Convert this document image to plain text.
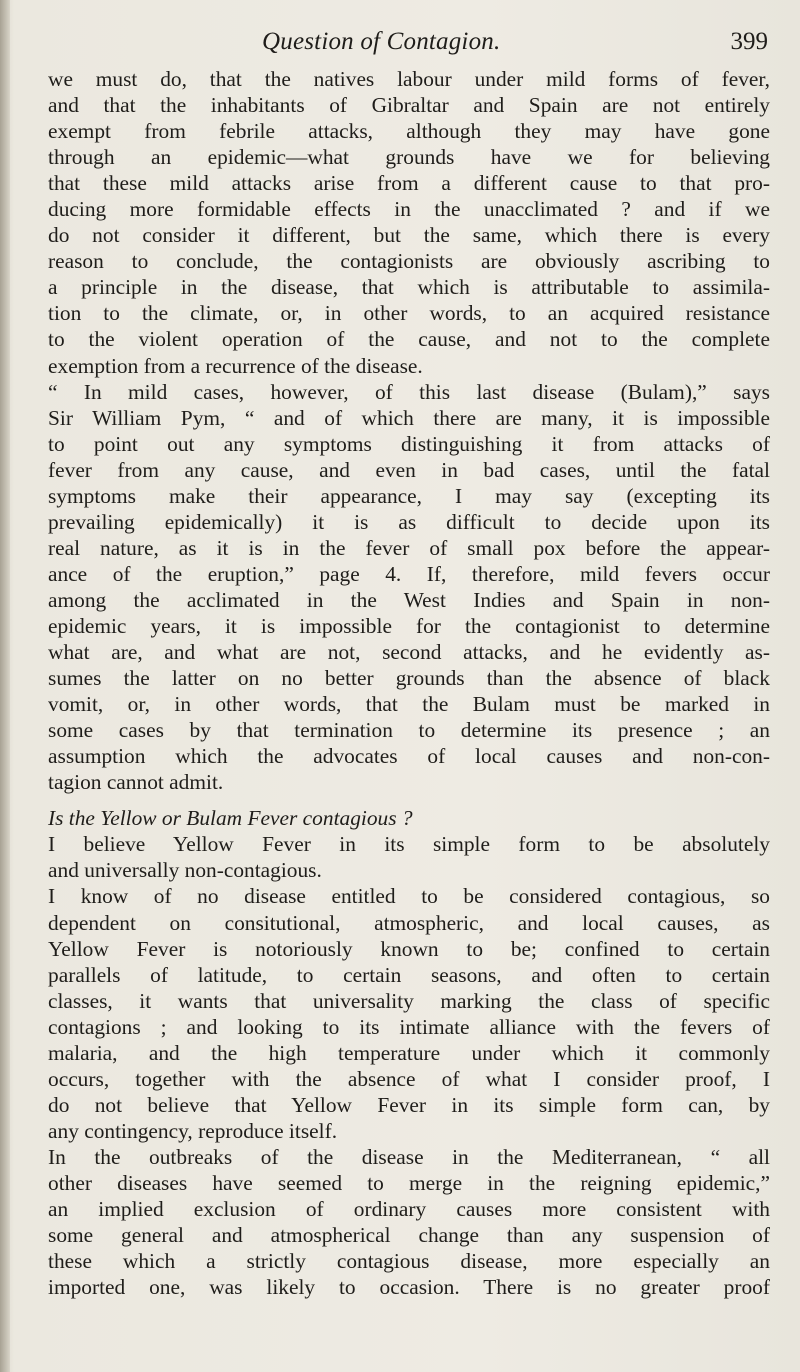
Question of Contagion.	399
we must do, that the natives labour under mild forms of fever,
and that the inhabitants of Gibraltar and Spain are not entirely
exempt from febrile attacks, although they may have gone
through an epidemic—what grounds have we for believing
that these mild attacks arise from a different cause to that pro-
ducing more formidable effects in the unacclimated ? and if we
do not consider it different, but the same, which there is every
reason to conclude, the contagionists are obviously ascribing to
a principle in the disease, that which is attributable to assimila-
tion to the climate, or, in other words, to an acquired resistance
to the violent operation of the cause, and not to the complete
exemption from a recurrence of the disease.
“ In mild cases, however, of this last disease (Bulam),” says
Sir William Pym, “ and of which there are many, it is impossible
to point out any symptoms distinguishing it from attacks of
fever from any cause, and even in bad cases, until the fatal
symptoms make their appearance, I may say (excepting its
prevailing epidemically) it is as difficult to decide upon its
real nature, as it is in the fever of small pox before the appear-
ance of the eruption,” page 4. If, therefore, mild fevers occur
among the acclimated in the West Indies and Spain in non-
epidemic years, it is impossible for the contagionist to determine
what are, and what are not, second attacks, and he evidently as-
sumes the latter on no better grounds than the absence of black
vomit, or, in other words, that the Bulam must be marked in
some cases by that termination to determine its presence ; an
assumption which the advocates of local causes and non-con-
tagion cannot admit.
Is the Yellow or Bulam Fever contagious ?
I believe Yellow Fever in its simple form to be absolutely
and universally non-contagious.
I know of no disease entitled to be considered contagious, so
dependent on consitutional, atmospheric, and local causes, as
Yellow Fever is notoriously known to be; confined to certain
parallels of latitude, to certain seasons, and often to certain
classes, it wants that universality marking the class of specific
contagions ; and looking to its intimate alliance with the fevers of
malaria, and the high temperature under which it commonly
occurs, together with the absence of what I consider proof, I
do not believe that Yellow Fever in its simple form can, by
any contingency, reproduce itself.
In the outbreaks of the disease in the Mediterranean, “ all
other diseases have seemed to merge in the reigning epidemic,”
an implied exclusion of ordinary causes more consistent with
some general and atmospherical change than any suspension of
these which a strictly contagious disease, more especially an
imported one, was likely to occasion. There is no greater proof
